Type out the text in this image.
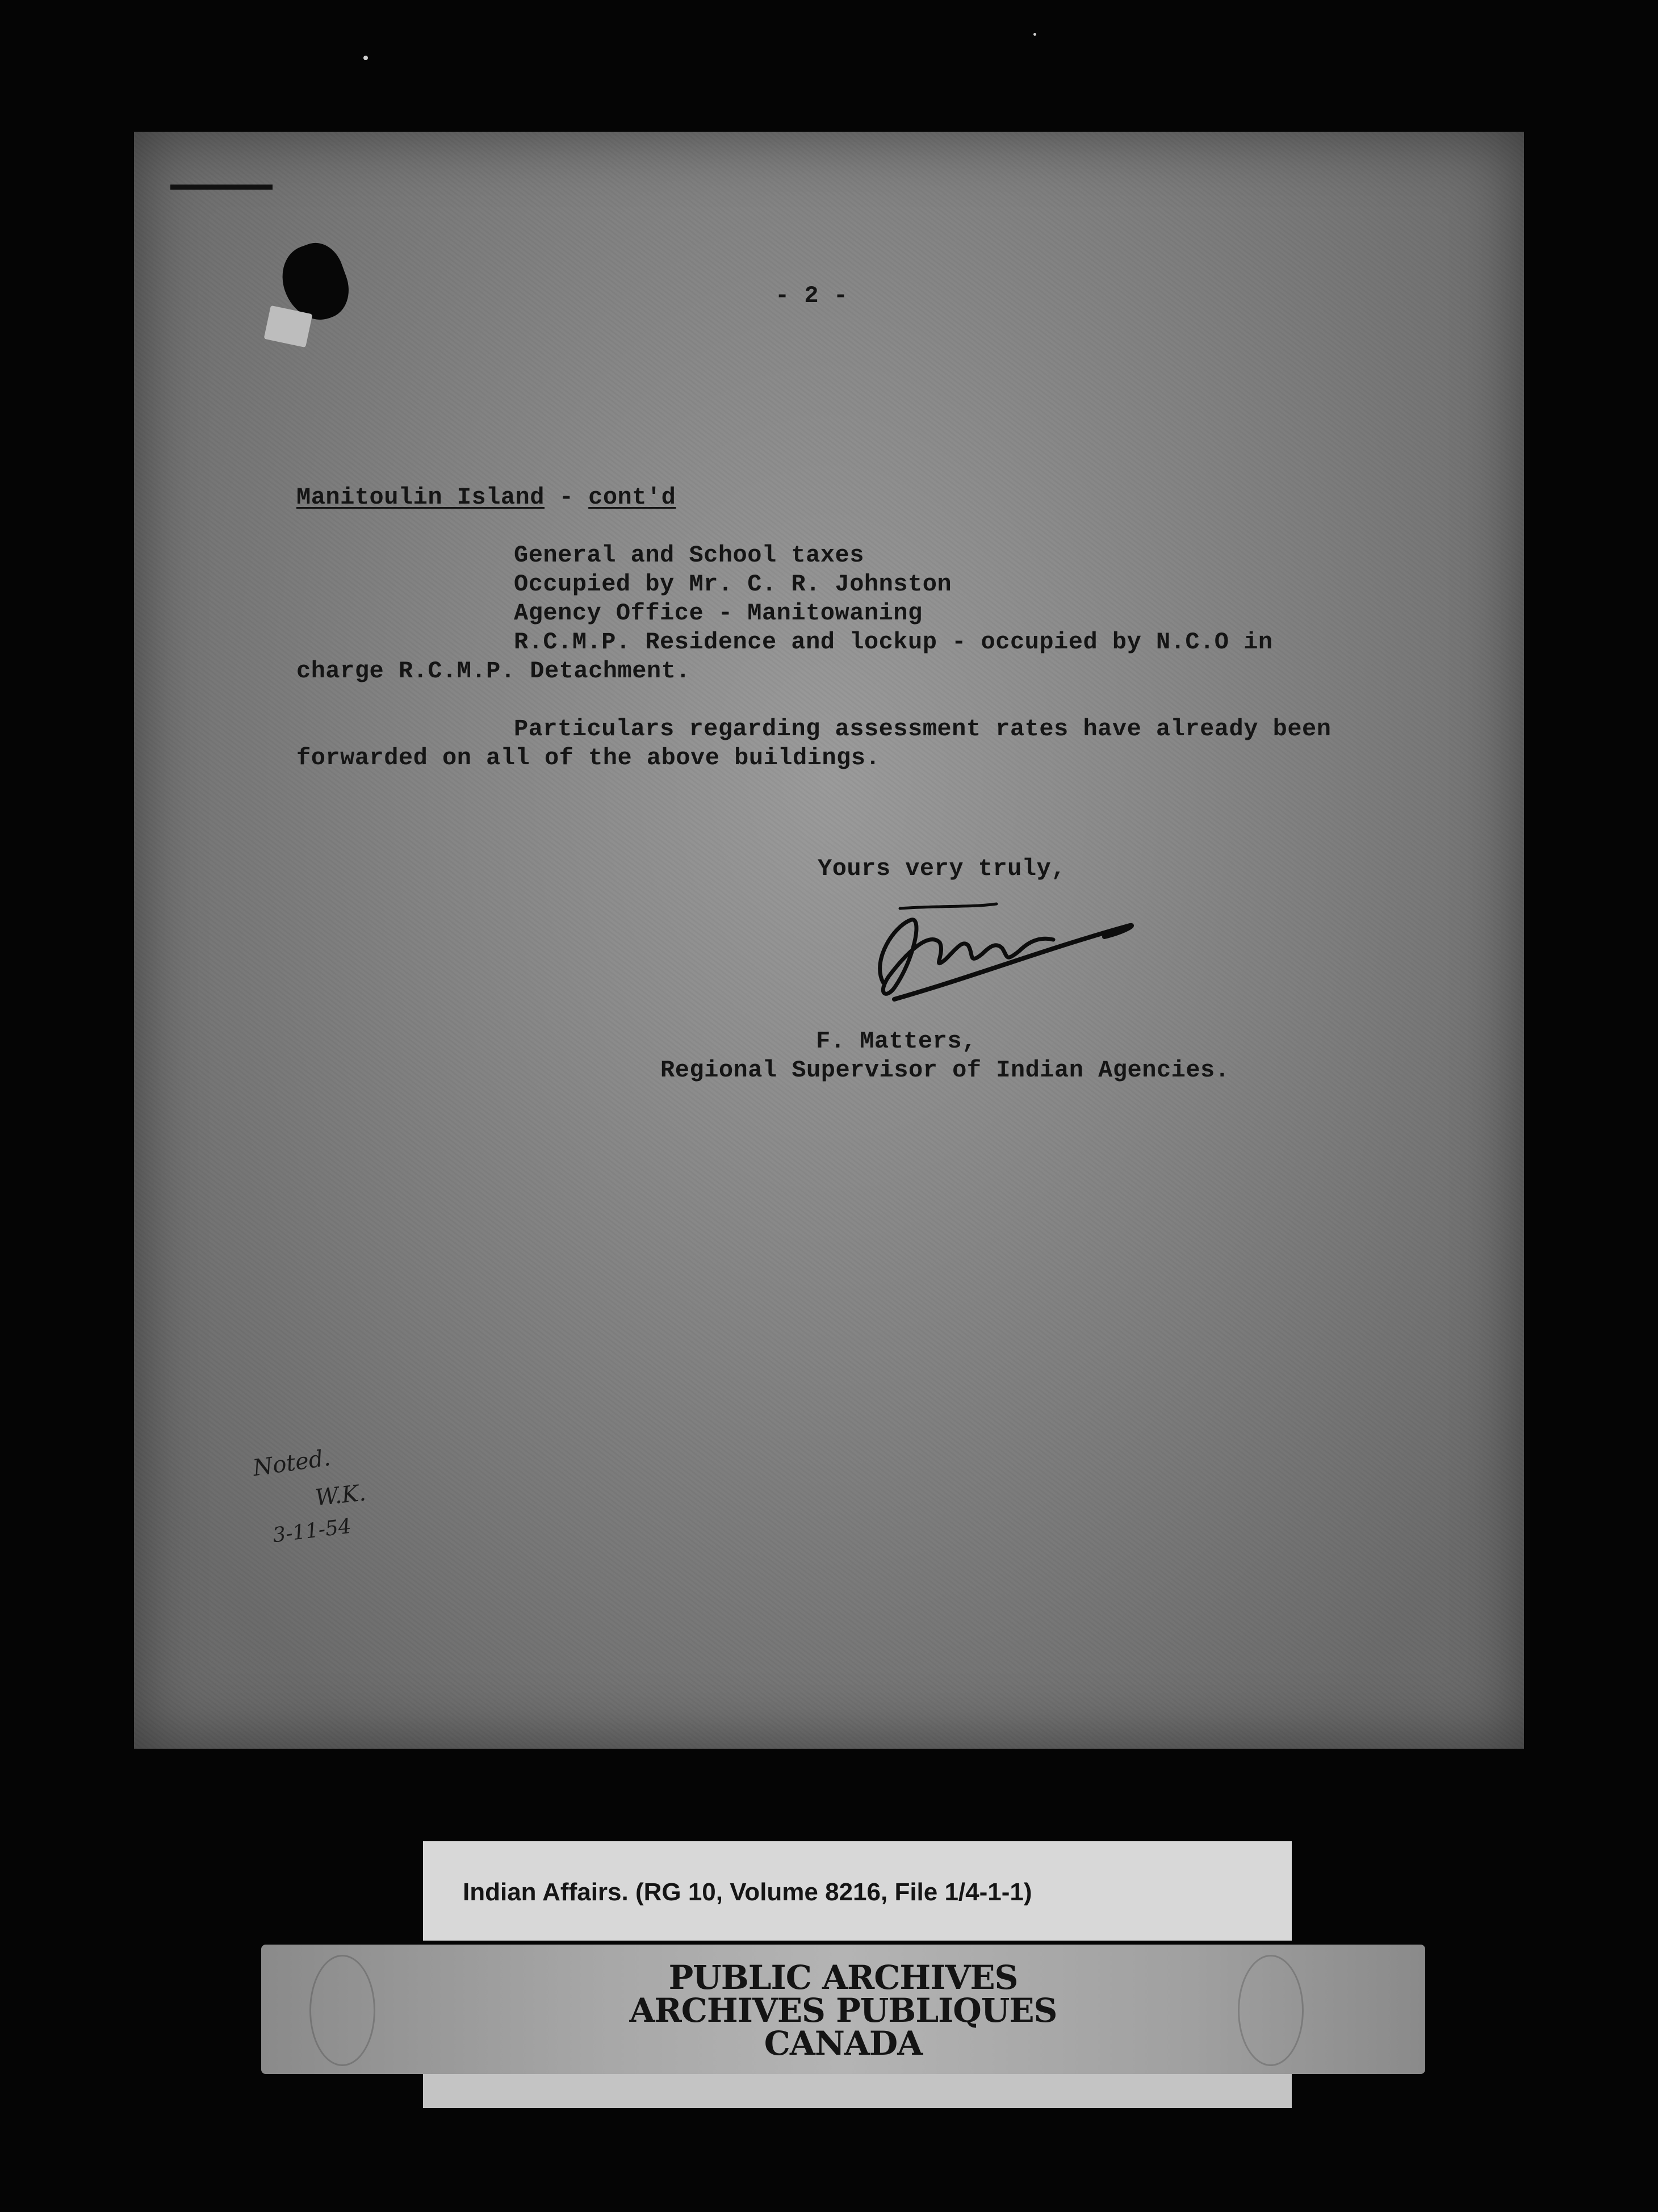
- 2 -
Manitoulin Island - cont'd
General and School taxes
Occupied by Mr. C. R. Johnston
Agency Office - Manitowaning
R.C.M.P. Residence and lockup - occupied by N.C.O in
charge R.C.M.P. Detachment.
Particulars regarding assessment rates have already been
forwarded on all of the above buildings.
Yours very truly,
F. Matters,
Regional Supervisor of Indian Agencies.
Noted.
W.K.
3-11-54
Indian Affairs. (RG 10, Volume 8216, File 1/4-1-1)
PUBLIC ARCHIVES
ARCHIVES PUBLIQUES
CANADA
